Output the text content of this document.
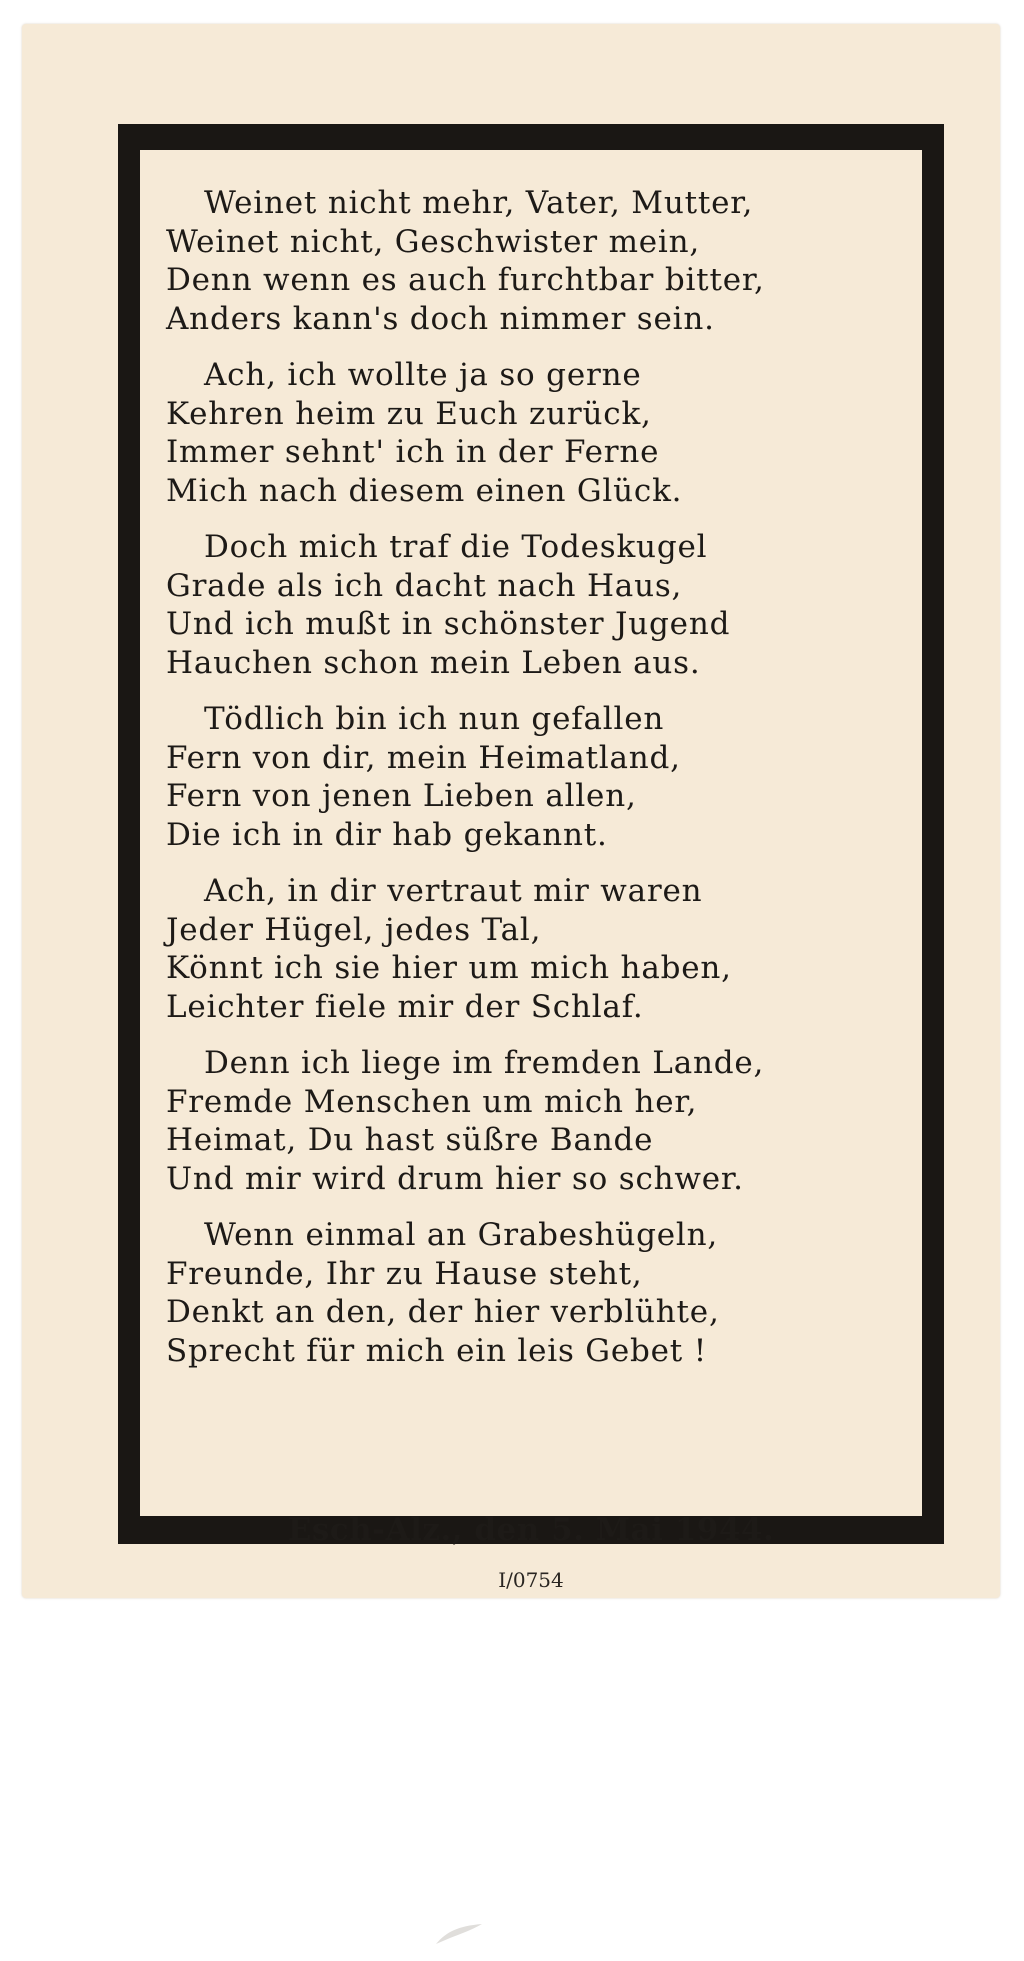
Weinet nicht mehr, Vater, Mutter,
Weinet nicht, Geschwister mein,
Denn wenn es auch furchtbar bitter,
Anders kann's doch nimmer sein.
Ach, ich wollte ja so gerne
Kehren heim zu Euch zurück,
Immer sehnt' ich in der Ferne
Mich nach diesem einen Glück.
Doch mich traf die Todeskugel
Grade als ich dacht nach Haus,
Und ich mußt in schönster Jugend
Hauchen schon mein Leben aus.
Tödlich bin ich nun gefallen
Fern von dir, mein Heimatland,
Fern von jenen Lieben allen,
Die ich in dir hab gekannt.
Ach, in dir vertraut mir waren
Jeder Hügel, jedes Tal,
Könnt ich sie hier um mich haben,
Leichter fiele mir der Schlaf.
Denn ich liege im fremden Lande,
Fremde Menschen um mich her,
Heimat, Du hast süßre Bande
Und mir wird drum hier so schwer.
Wenn einmal an Grabeshügeln,
Freunde, Ihr zu Hause steht,
Denkt an den, der hier verblühte,
Sprecht für mich ein leis Gebet !
Esch-Alz., den 5. Mai 1944.
I/0754
